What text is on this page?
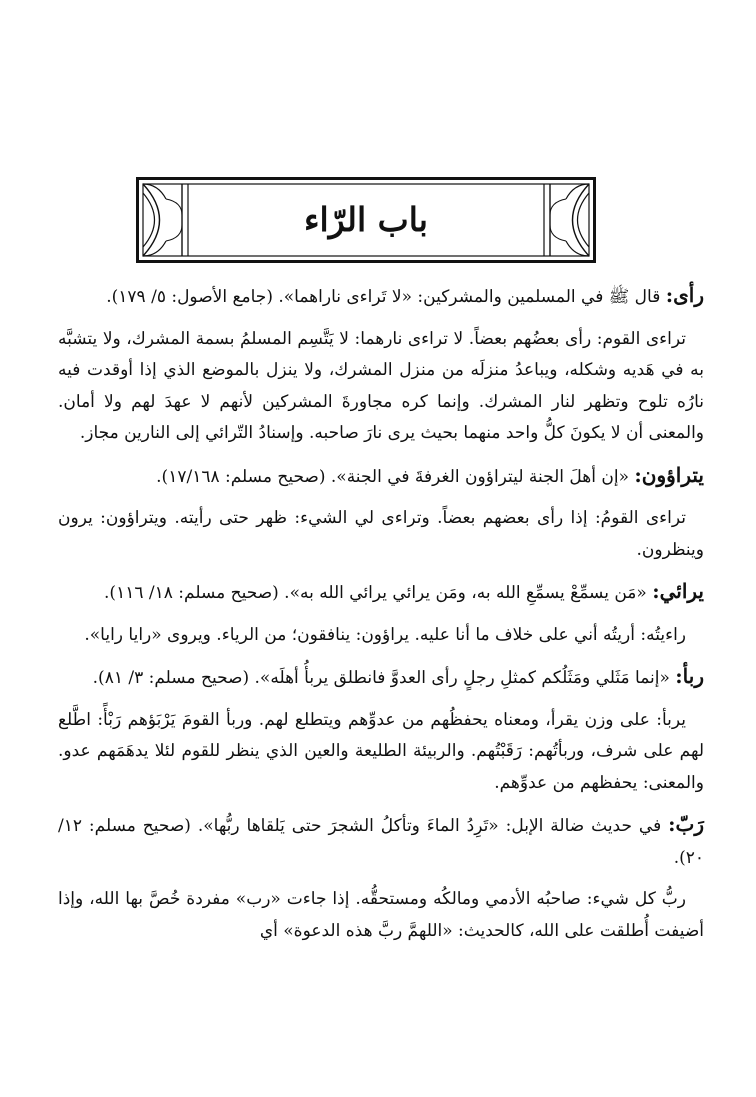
باب الرّاء

رأى: قال ﷺ في المسلمين والمشركين: «لا تَراءى ناراهما». (جامع الأصول: ٥/ ١٧٩).

تراءى القوم: رأى بعضُهم بعضاً. لا تراءى نارهما: لا يَتَّسِم المسلمُ بسمة المشرك، ولا يتشبَّه به في هَديه وشكله، ويباعدُ منزلَه من منزل المشرك، ولا ينزل بالموضع الذي إذا أوقدت فيه نارُه تلوح وتظهر لنار المشرك. وإنما كره مجاورةَ المشركين لأنهم لا عهدَ لهم ولا أمان. والمعنى أن لا يكونَ كلُّ واحد منهما بحيث يرى نارَ صاحبه. وإسنادُ التّرائي إلى النارين مجاز.

يتراؤون: «إن أهلَ الجنة ليتراؤون الغرفةَ في الجنة». (صحيح مسلم: ١٧/١٦٨).

تراءى القومُ: إذا رأى بعضهم بعضاً. وتراءى لي الشيء: ظهر حتى رأيته. ويتراؤون: يرون وينظرون.

يرائي: «مَن يسمِّعْ يسمِّعِ الله به، ومَن يرائي يرائي الله به». (صحيح مسلم: ١٨/ ١١٦).

راءيتُه: أريتُه أني على خلاف ما أنا عليه. يراؤون: ينافقون؛ من الرياء. ويروى «رايا رايا».

ربأ: «إنما مَثَلي ومَثَلُكم كمثلِ رجلٍ رأى العدوَّ فانطلق يربأُ أهلَه». (صحيح مسلم: ٣/ ٨١).

يربأ: على وزن يقرأ، ومعناه يحفظُهم من عدوِّهم ويتطلع لهم. وربأ القومَ يَرْبَؤهم رَبْأً: اطَّلع لهم على شرف، وربأتُهم: رَقَبْتُهم. والربيئة الطليعة والعين الذي ينظر للقوم لئلا يدهَمَهم عدو. والمعنى: يحفظهم من عدوِّهم.

رَبّ: في حديث ضالة الإبل: «تَرِدُ الماءَ وتأكلُ الشجرَ حتى يَلقاها ربُّها». (صحيح مسلم: ١٢/ ٢٠).

ربُّ كل شيء: صاحبُه الأدمي ومالكُه ومستحقُّه. إذا جاءت «رب» مفردة خُصَّ بها الله، وإذا أضيفت أُطلقت على الله، كالحديث: «اللهمَّ ربَّ هذه الدعوة» أي
